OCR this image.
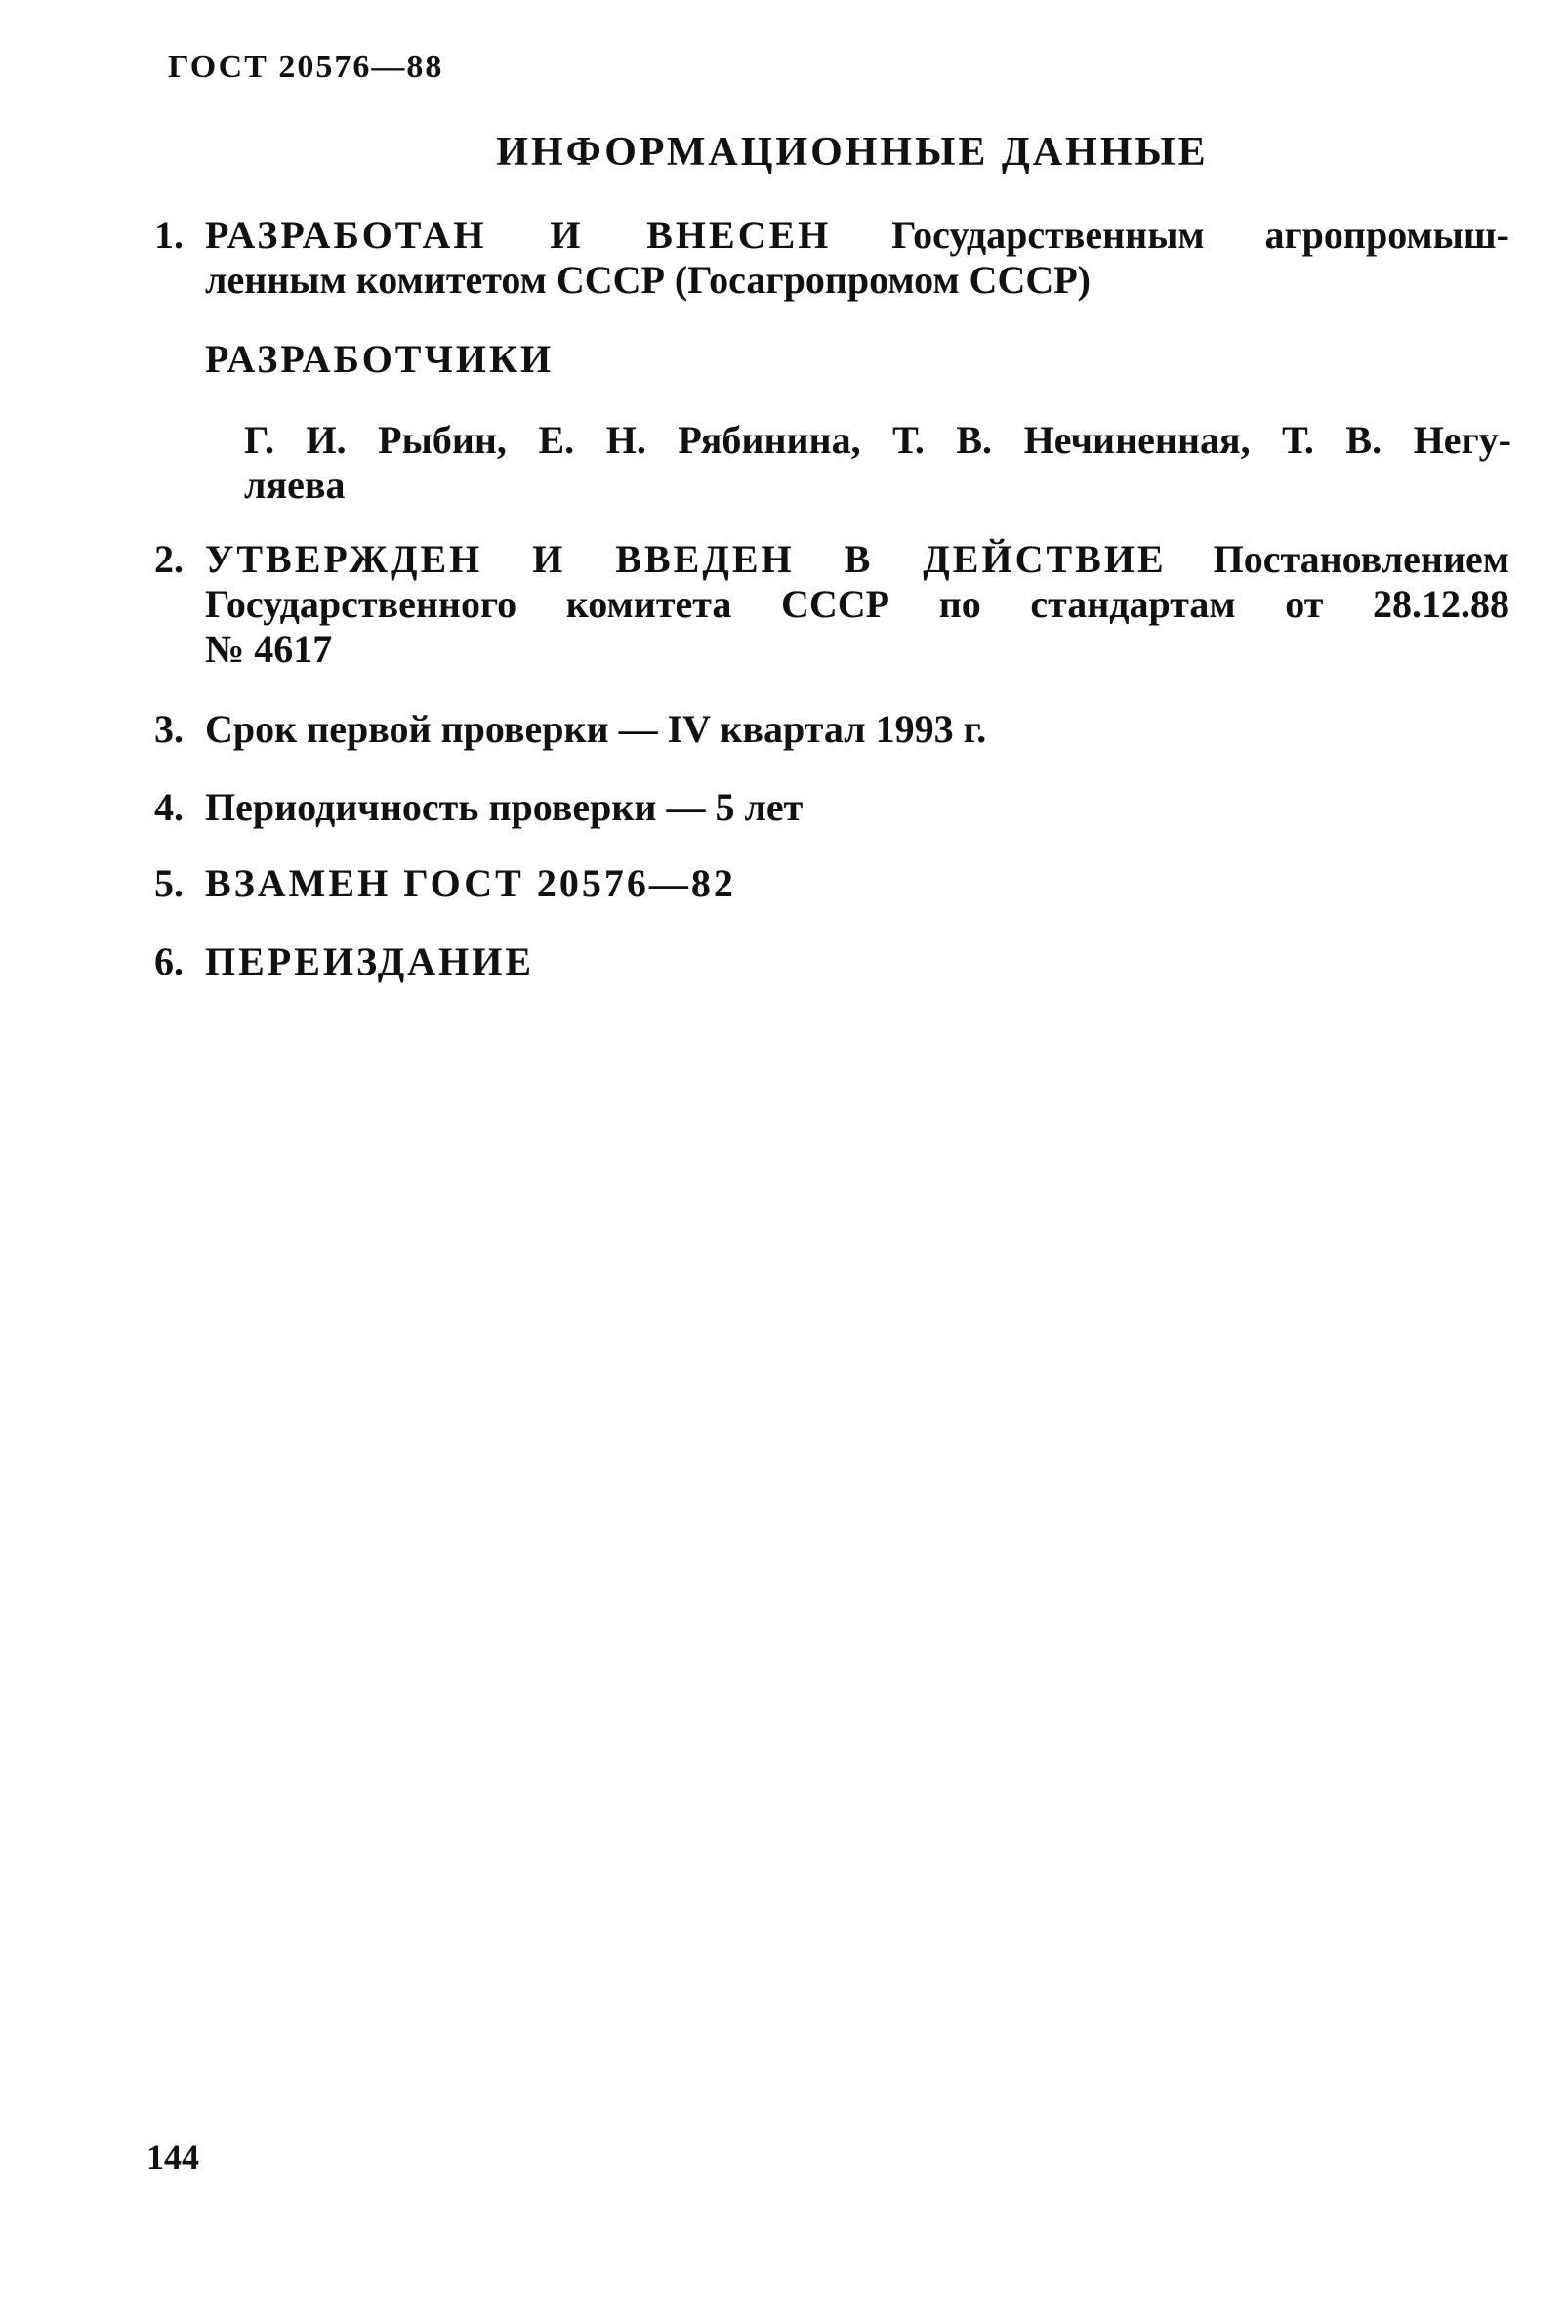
ГОСТ 20576—88
ИНФОРМАЦИОННЫЕ ДАННЫЕ
1. РАЗРАБОТАН И ВНЕСЕН Государственным агропромыш-
ленным комитетом СССР (Госагропромом СССР)
РАЗРАБОТЧИКИ
Г. И. Рыбин, Е. Н. Рябинина, Т. В. Нечиненная, Т. В. Негу-
ляева
2. УТВЕРЖДЕН И ВВЕДЕН В ДЕЙСТВИЕ Постановлением
Государственного комитета СССР по стандартам от 28.12.88
№ 4617
3. Срок первой проверки — IV квартал 1993 г.
4. Периодичность проверки — 5 лет
5. ВЗАМЕН ГОСТ 20576—82
6. ПЕРЕИЗДАНИЕ
144
